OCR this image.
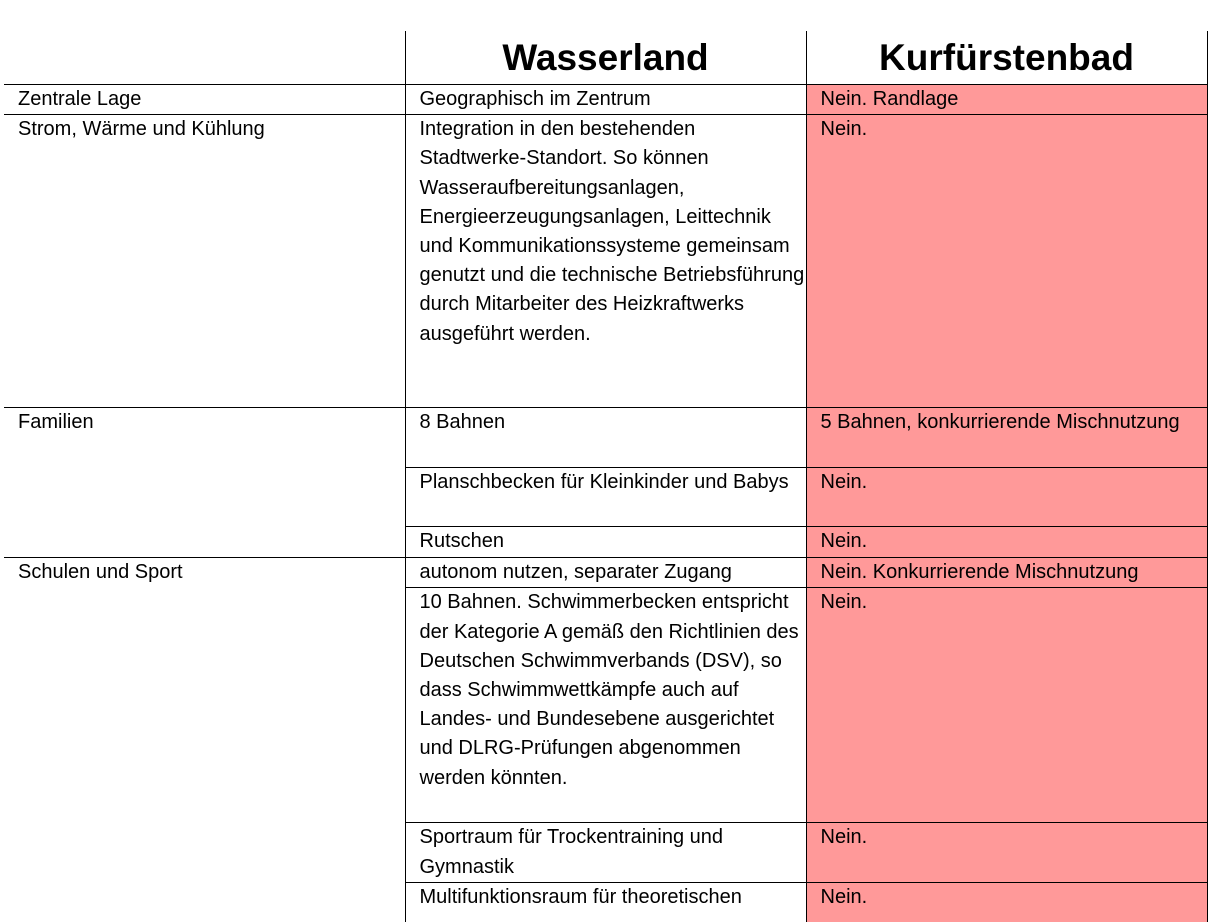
	Wasserland	Kurfürstenbad
Zentrale Lage	Geographisch im Zentrum	Nein. Randlage
Strom, Wärme und Kühlung	Integration in den bestehenden Stadtwerke-Standort. So können Wasseraufbereitungsanlagen, Energieerzeugungsanlagen, Leittechnik und Kommunikationssysteme gemeinsam genutzt und die technische Betriebsführung durch Mitarbeiter des Heizkraftwerks ausgeführt werden.	Nein.
Familien	8 Bahnen	5 Bahnen, konkurrierende Mischnutzung
	Planschbecken für Kleinkinder und Babys	Nein.
	Rutschen	Nein.
Schulen und Sport	autonom nutzen, separater Zugang	Nein. Konkurrierende Mischnutzung
	10 Bahnen. Schwimmerbecken entspricht der Kategorie A gemäß den Richtlinien des Deutschen Schwimmverbands (DSV), so dass Schwimmwettkämpfe auch auf Landes- und Bundesebene ausgerichtet und DLRG-Prüfungen abgenommen werden könnten.	Nein.
	Sportraum für Trockentraining und Gymnastik	Nein.
	Multifunktionsraum für theoretischen	Nein.
